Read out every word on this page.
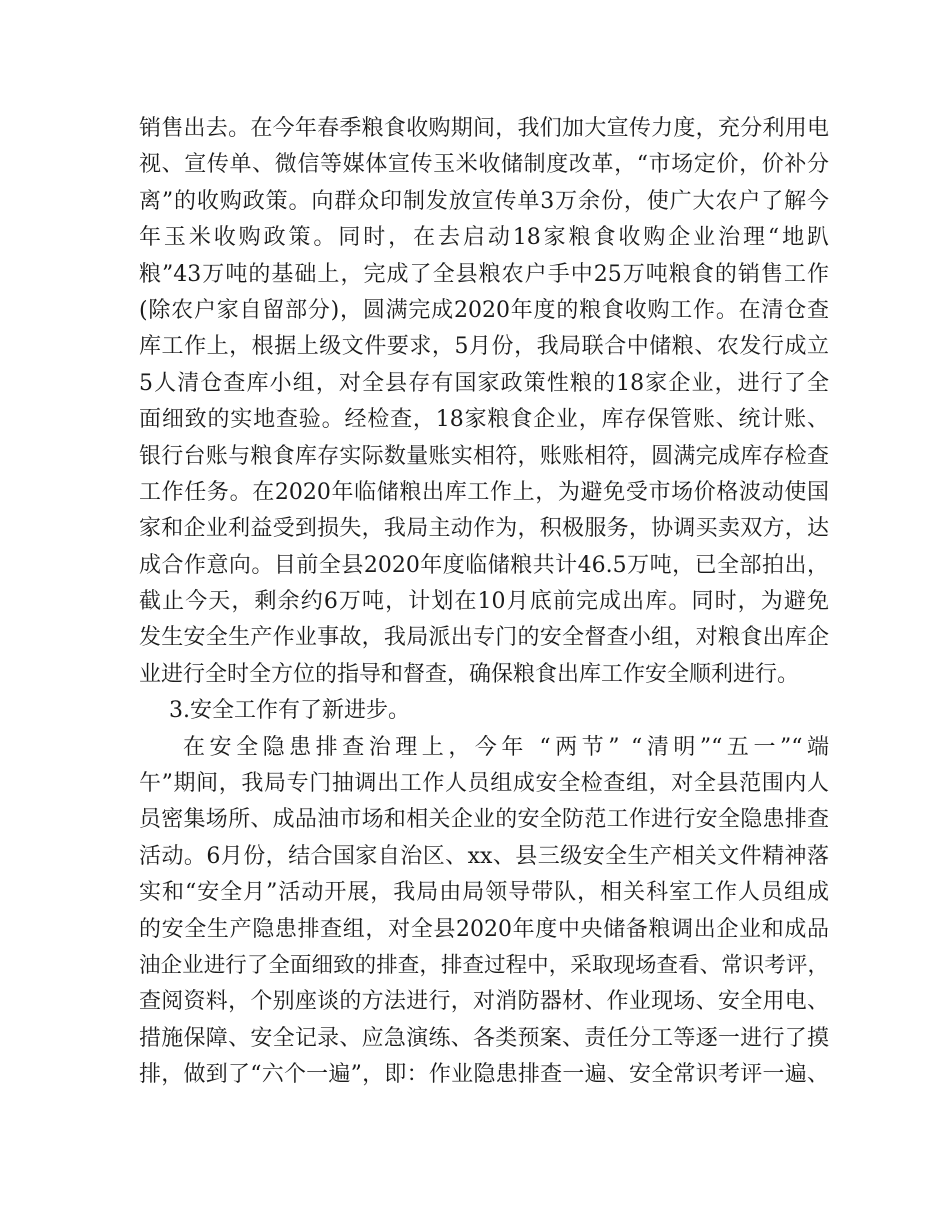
销售出去。在今年春季粮食收购期间，我们加大宣传力度，充分利用电
视、宣传单、微信等媒体宣传玉米收储制度改革，“市场定价，价补分
离”的收购政策。向群众印制发放宣传单3万余份，使广大农户了解今
年玉米收购政策。同时，在去启动18家粮食收购企业治理“地趴
粮”43万吨的基础上，完成了全县粮农户手中25万吨粮食的销售工作
(除农户家自留部分)，圆满完成2020年度的粮食收购工作。在清仓查
库工作上，根据上级文件要求，5月份，我局联合中储粮、农发行成立
5人清仓查库小组，对全县存有国家政策性粮的18家企业，进行了全
面细致的实地查验。经检查，18家粮食企业，库存保管账、统计账、
银行台账与粮食库存实际数量账实相符，账账相符，圆满完成库存检查
工作任务。在2020年临储粮出库工作上，为避免受市场价格波动使国
家和企业利益受到损失，我局主动作为，积极服务，协调买卖双方，达
成合作意向。目前全县2020年度临储粮共计46.5万吨，已全部拍出，
截止今天，剩余约6万吨，计划在10月底前完成出库。同时，为避免
发生安全生产作业事故，我局派出专门的安全督查小组，对粮食出库企
业进行全时全方位的指导和督查，确保粮食出库工作安全顺利进行。
3.安全工作有了新进步。
在安全隐患排查治理上，今年 “两节” “清明”“五一”“端
午”期间，我局专门抽调出工作人员组成安全检查组，对全县范围内人
员密集场所、成品油市场和相关企业的安全防范工作进行安全隐患排查
活动。6月份，结合国家自治区、xx、县三级安全生产相关文件精神落
实和“安全月”活动开展，我局由局领导带队，相关科室工作人员组成
的安全生产隐患排查组，对全县2020年度中央储备粮调出企业和成品
油企业进行了全面细致的排查，排查过程中，采取现场查看、常识考评，
查阅资料，个别座谈的方法进行，对消防器材、作业现场、安全用电、
措施保障、安全记录、应急演练、各类预案、责任分工等逐一进行了摸
排，做到了“六个一遍”，即：作业隐患排查一遍、安全常识考评一遍、
